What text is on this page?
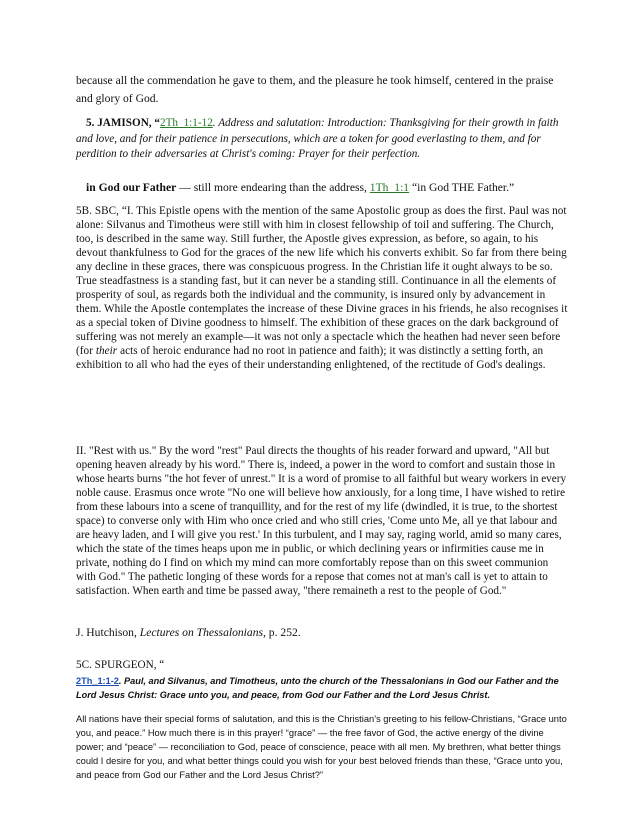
because all the commendation he gave to them, and the pleasure he took himself, centered in the praise and glory of God.

5. JAMISON, “2Th_1:1-12. Address and salutation: Introduction: Thanksgiving for their growth in faith and love, and for their patience in persecutions, which are a token for good everlasting to them, and for perdition to their adversaries at Christ's coming: Prayer for their perfection.

in God our Father — still more endearing than the address, 1Th_1:1 “in God THE Father.”

5B. SBC, “I. This Epistle opens with the mention of the same Apostolic group as does the first. Paul was not alone: Silvanus and Timotheus were still with him in closest fellowship of toil and suffering. The Church, too, is described in the same way. Still further, the Apostle gives expression, as before, so again, to his devout thankfulness to God for the graces of the new life which his converts exhibit. So far from there being any decline in these graces, there was conspicuous progress. In the Christian life it ought always to be so. True steadfastness is a standing fast, but it can never be a standing still. Continuance in all the elements of prosperity of soul, as regards both the individual and the community, is insured only by advancement in them. While the Apostle contemplates the increase of these Divine graces in his friends, he also recognises it as a special token of Divine goodness to himself. The exhibition of these graces on the dark background of suffering was not merely an example—it was not only a spectacle which the heathen had never seen before (for their acts of heroic endurance had no root in patience and faith); it was distinctly a setting forth, an exhibition to all who had the eyes of their understanding enlightened, of the rectitude of God's dealings.

II. "Rest with us." By the word "rest" Paul directs the thoughts of his reader forward and upward, "All but opening heaven already by his word." There is, indeed, a power in the word to comfort and sustain those in whose hearts burns "the hot fever of unrest." It is a word of promise to all faithful but weary workers in every noble cause. Erasmus once wrote "No one will believe how anxiously, for a long time, I have wished to retire from these labours into a scene of tranquillity, and for the rest of my life (dwindled, it is true, to the shortest space) to converse only with Him who once cried and who still cries, 'Come unto Me, all ye that labour and are heavy laden, and I will give you rest.' In this turbulent, and I may say, raging world, amid so many cares, which the state of the times heaps upon me in public, or which declining years or infirmities cause me in private, nothing do I find on which my mind can more comfortably repose than on this sweet communion with God." The pathetic longing of these words for a repose that comes not at man's call is yet to attain to satisfaction. When earth and time be passed away, "there remaineth a rest to the people of God."

J. Hutchison, Lectures on Thessalonians, p. 252.

5C. SPURGEON, “

2Th_1:1-2. Paul, and Silvanus, and Timotheus, unto the church of the Thessalonians in God our Father and the Lord Jesus Christ: Grace unto you, and peace, from God our Father and the Lord Jesus Christ.

All nations have their special forms of salutation, and this is the Christian’s greeting to his fellow-Christians, “Grace unto you, and peace.” How much there is in this prayer! “grace” — the free favor of God, the active energy of the divine power; and “peace” — reconciliation to God, peace of conscience, peace with all men. My brethren, what better things could I desire for you, and what better things could you wish for your best beloved friends than these, “Grace unto you, and peace from God our Father and the Lord Jesus Christ?”
